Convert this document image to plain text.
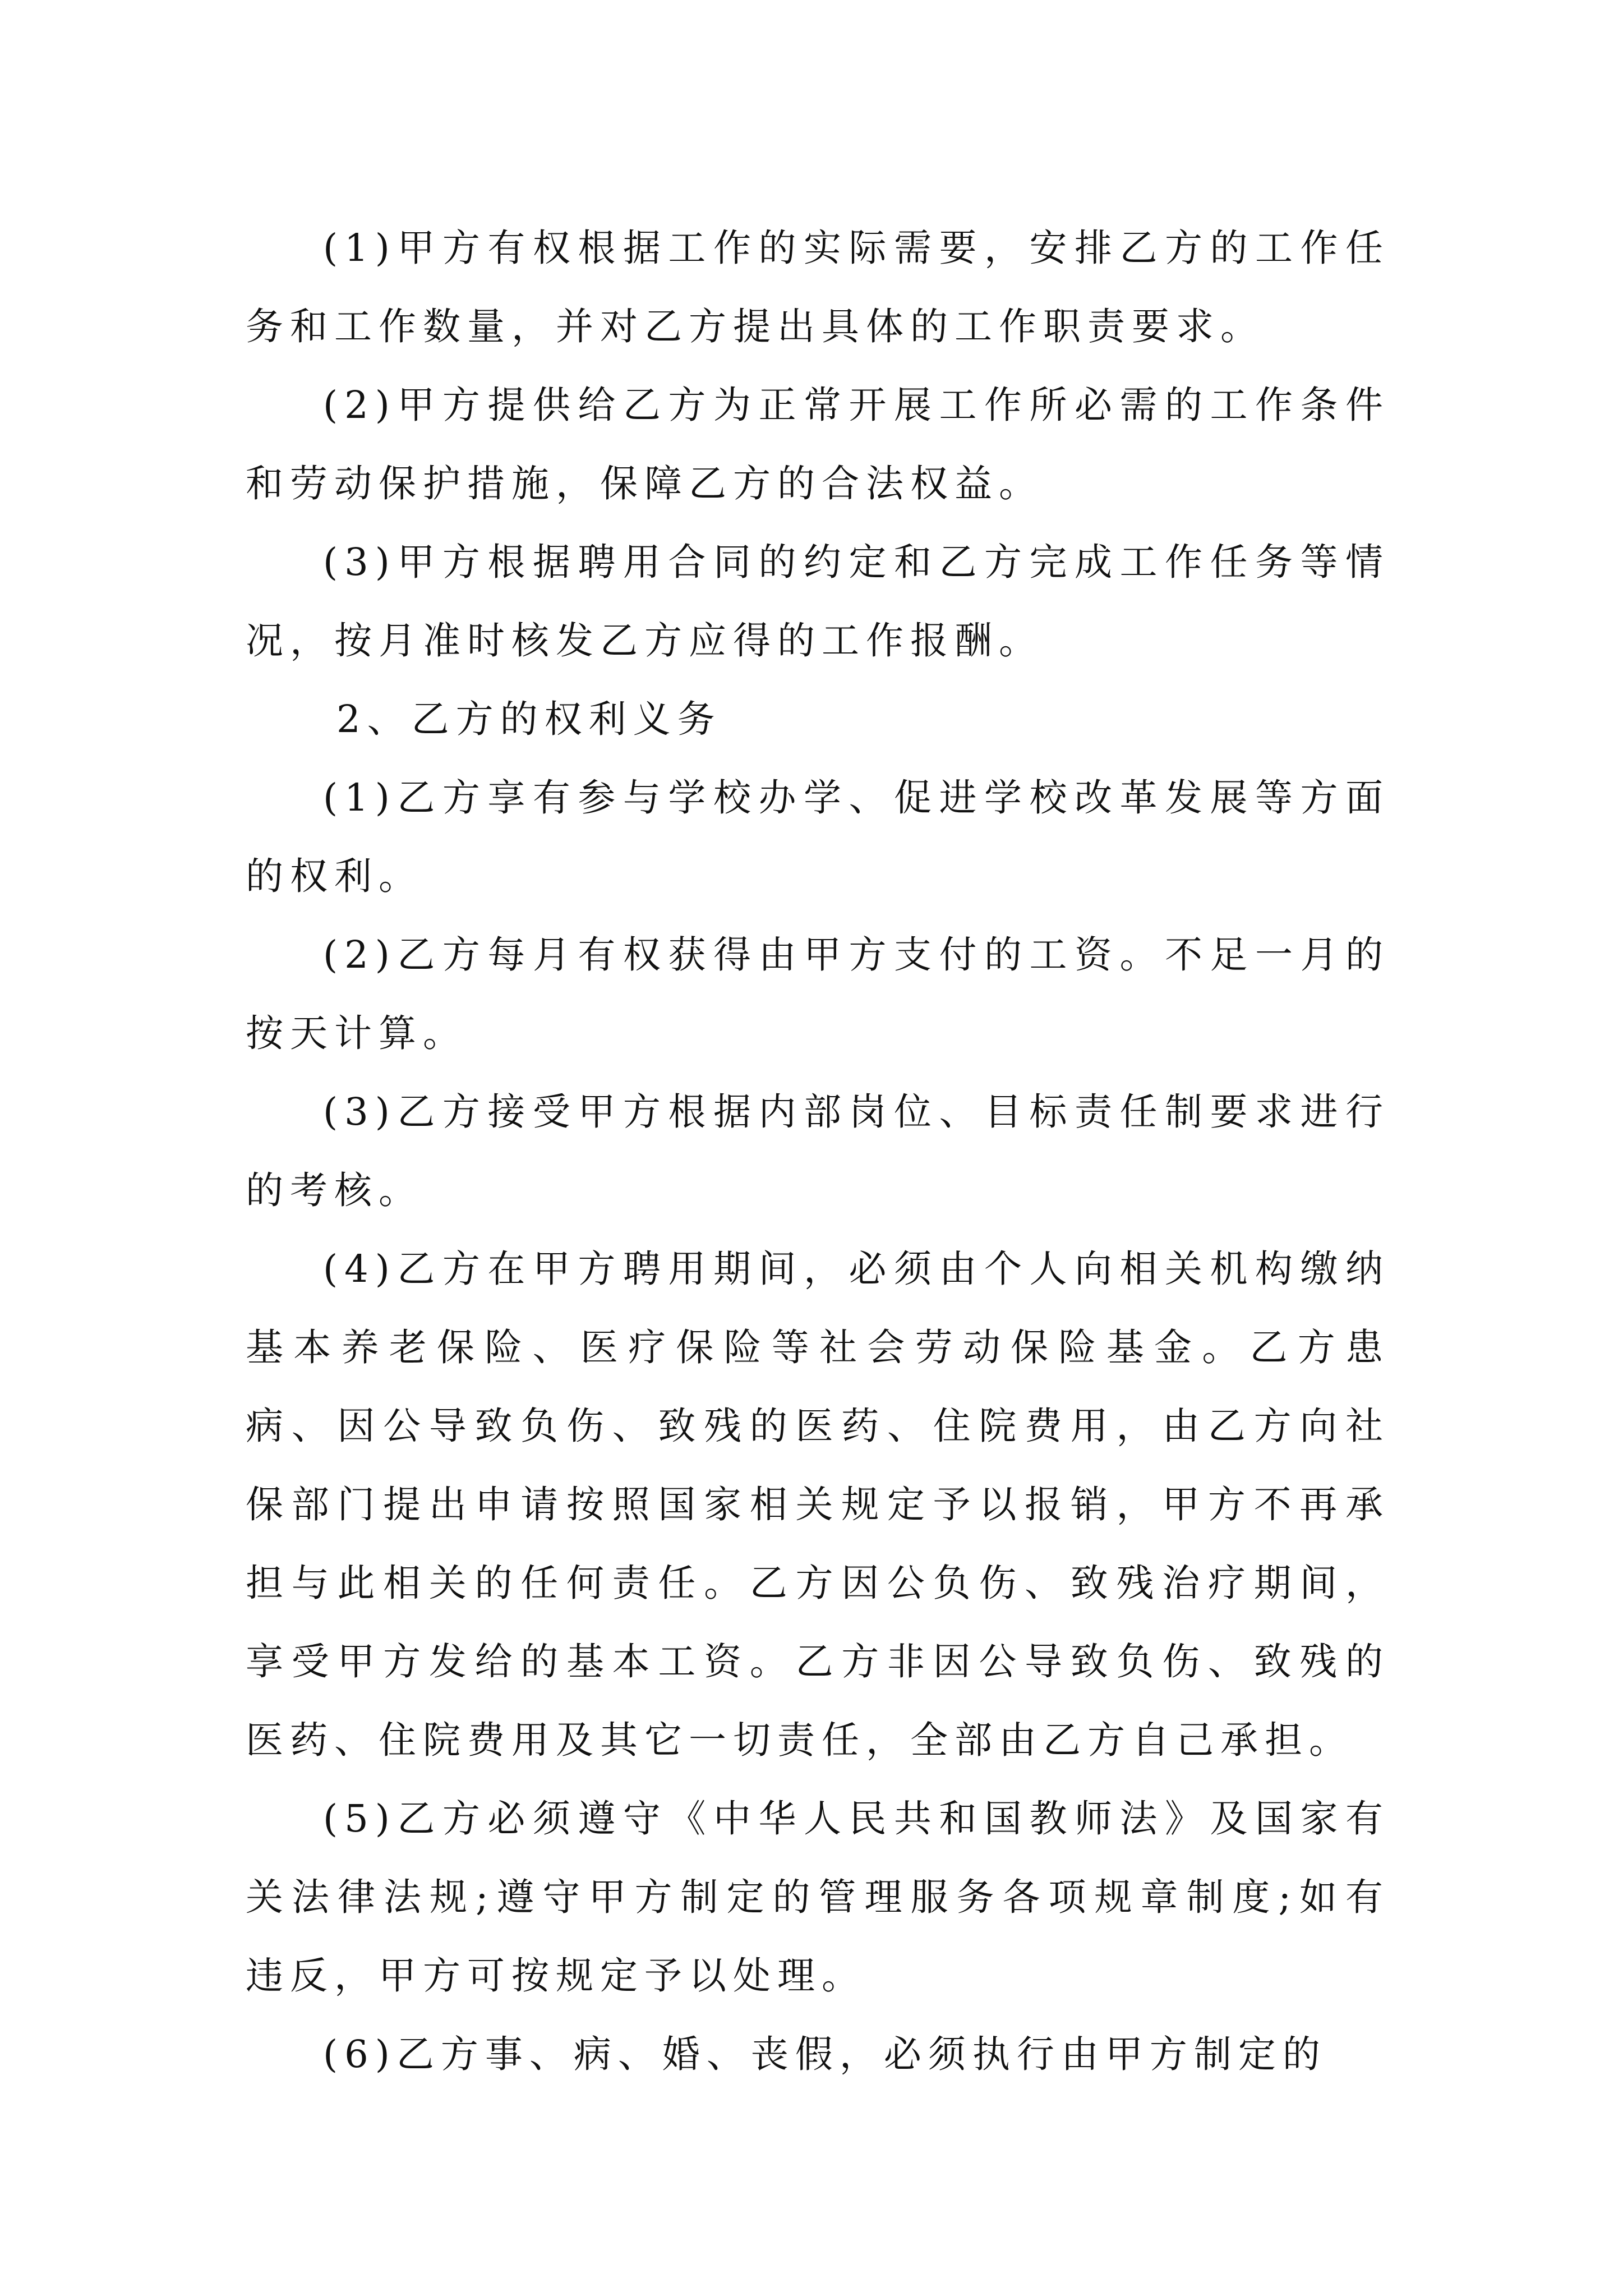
(1)甲方有权根据工作的实际需要，安排乙方的工作任务和工作数量，并对乙方提出具体的工作职责要求。

(2)甲方提供给乙方为正常开展工作所必需的工作条件和劳动保护措施，保障乙方的合法权益。

(3)甲方根据聘用合同的约定和乙方完成工作任务等情况，按月准时核发乙方应得的工作报酬。

2、乙方的权利义务

(1)乙方享有参与学校办学、促进学校改革发展等方面的权利。

(2)乙方每月有权获得由甲方支付的工资。不足一月的按天计算。

(3)乙方接受甲方根据内部岗位、目标责任制要求进行的考核。

(4)乙方在甲方聘用期间，必须由个人向相关机构缴纳基本养老保险、医疗保险等社会劳动保险基金。乙方患病、因公导致负伤、致残的医药、住院费用，由乙方向社保部门提出申请按照国家相关规定予以报销，甲方不再承担与此相关的任何责任。乙方因公负伤、致残治疗期间，享受甲方发给的基本工资。乙方非因公导致负伤、致残的医药、住院费用及其它一切责任，全部由乙方自己承担。

(5)乙方必须遵守《中华人民共和国教师法》及国家有关法律法规;遵守甲方制定的管理服务各项规章制度;如有违反，甲方可按规定予以处理。

(6)乙方事、病、婚、丧假，必须执行由甲方制定的
